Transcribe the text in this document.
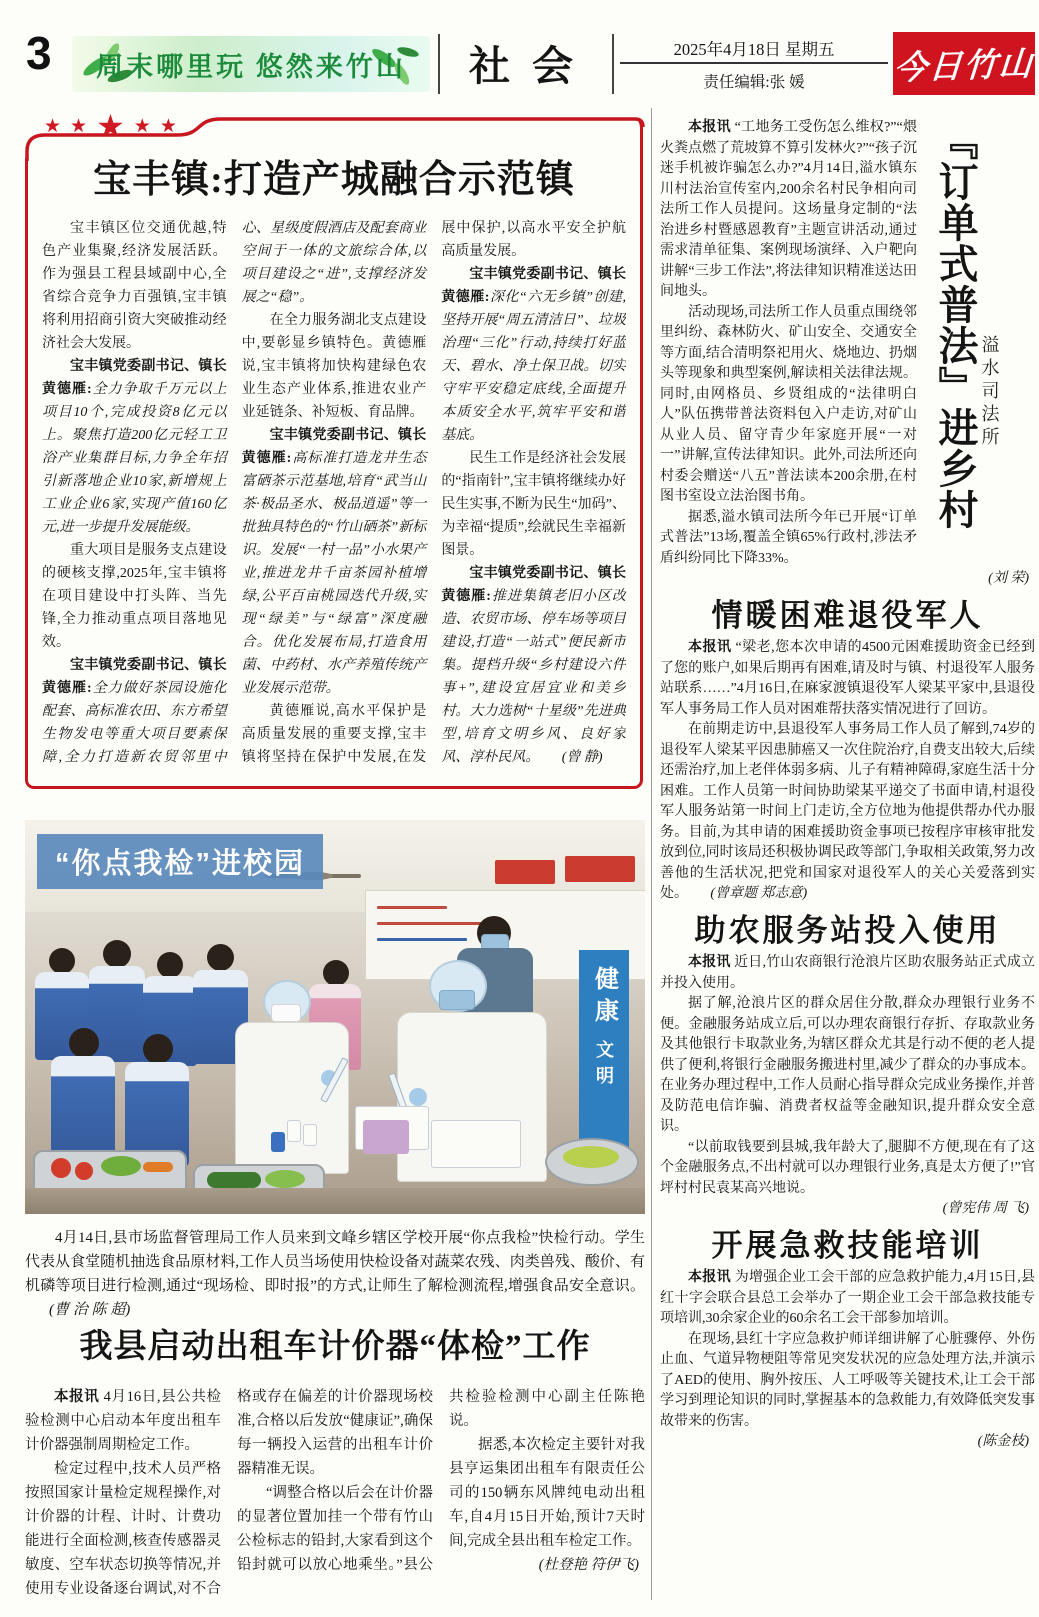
3 周末哪里玩 悠然来竹山	社会	2025年4月18日 星期五
责任编辑:张 媛	今日竹山
★ ★ ★ ★ ★
宝丰镇:打造产城融合示范镇

宝丰镇区位交通优越,特色产业集聚,经济发展活跃。作为强县工程县域副中心,全省综合竞争力百强镇,宝丰镇将利用招商引资大突破推动经济社会大发展。

宝丰镇党委副书记、镇长黄德雁:全力争取千万元以上项目10个,完成投资8亿元以上。聚焦打造200亿元轻工卫浴产业集群目标,力争全年招引新落地企业10家,新增规上工业企业6家,实现产值160亿元,进一步提升发展能级。

重大项目是服务支点建设的硬核支撑,2025年,宝丰镇将在项目建设中打头阵、当先锋,全力推动重点项目落地见效。

宝丰镇党委副书记、镇长黄德雁:全力做好茶园设施化配套、高标准农田、东方希望生物发电等重大项目要素保障,全力打造新农贸邻里中心、星级度假酒店及配套商业空间于一体的文旅综合体,以项目建设之“进”,支撑经济发展之“稳”。

在全力服务湖北支点建设中,要彰显乡镇特色。黄德雁说,宝丰镇将加快构建绿色农业生态产业体系,推进农业产业延链条、补短板、育品牌。

宝丰镇党委副书记、镇长黄德雁:高标准打造龙井生态富硒茶示范基地,培育“武当山茶·极品圣水、极品逍遥”等一批独具特色的“竹山硒茶”新标识。发展“一村一品”小水果产业,推进龙井千亩茶园补植增绿,公平百亩桃园迭代升级,实现“绿美”与“绿富”深度融合。优化发展布局,打造食用菌、中药材、水产养殖传统产业发展示范带。

黄德雁说,高水平保护是高质量发展的重要支撑,宝丰镇将坚持在保护中发展,在发展中保护,以高水平安全护航高质量发展。

宝丰镇党委副书记、镇长黄德雁:深化“六无乡镇”创建,坚持开展“周五清洁日”、垃圾治理“三化”行动,持续打好蓝天、碧水、净土保卫战。切实守牢平安稳定底线,全面提升本质安全水平,筑牢平安和谐基底。

民生工作是经济社会发展的“指南针”,宝丰镇将继续办好民生实事,不断为民生“加码”、为幸福“提质”,绘就民生幸福新图景。

宝丰镇党委副书记、镇长黄德雁:推进集镇老旧小区改造、农贸市场、停车场等项目建设,打造“一站式”便民新市集。提档升级“乡村建设六件事+”,建设宜居宜业和美乡村。大力选树“十星级”先进典型,培育文明乡风、良好家风、淳朴民风。 (曾 静)

健康
文明
“你点我检”进校园

4月14日,县市场监督管理局工作人员来到文峰乡辖区学校开展“你点我检”快检行动。学生代表从食堂随机抽选食品原材料,工作人员当场使用快检设备对蔬菜农残、肉类兽残、酸价、有机磷等项目进行检测,通过“现场检、即时报”的方式,让师生了解检测流程,增强食品安全意识。(曹 治 陈 超)

我县启动出租车计价器“体检”工作

本报讯 4月16日,县公共检验检测中心启动本年度出租车计价器强制周期检定工作。

检定过程中,技术人员严格按照国家计量检定规程操作,对计价器的计程、计时、计费功能进行全面检测,核查传感器灵敏度、空车状态切换等情况,并使用专业设备逐台调试,对不合格或存在偏差的计价器现场校准,合格以后发放“健康证”,确保每一辆投入运营的出租车计价器精准无误。

“调整合格以后会在计价器的显著位置加挂一个带有竹山公检标志的铅封,大家看到这个铅封就可以放心地乘坐。”县公共检验检测中心副主任陈艳说。

据悉,本次检定主要针对我县亨运集团出租车有限责任公司的150辆东风牌纯电动出租车,自4月15日开始,预计7天时间,完成全县出租车检定工作。

(杜登艳 符伊飞)

溢水司法所 『订单式普法』进乡村

本报讯 “工地务工受伤怎么维权?”“煨火粪点燃了荒坡算不算引发林火?”“孩子沉迷手机被诈骗怎么办?”4月14日,溢水镇东川村法治宣传室内,200余名村民争相向司法所工作人员提问。这场量身定制的“法治进乡村暨感恩教育”主题宣讲活动,通过需求清单征集、案例现场演绎、入户靶向讲解“三步工作法”,将法律知识精准送达田间地头。

活动现场,司法所工作人员重点围绕邻里纠纷、森林防火、矿山安全、交通安全等方面,结合清明祭祀用火、烧地边、扔烟头等现象和典型案例,解读相关法律法规。同时,由网格员、乡贤组成的“法律明白人”队伍携带普法资料包入户走访,对矿山从业人员、留守青少年家庭开展“一对一”讲解,宣传法律知识。此外,司法所还向村委会赠送“八五”普法读本200余册,在村图书室设立法治图书角。

据悉,溢水镇司法所今年已开展“订单式普法”13场,覆盖全镇65%行政村,涉法矛盾纠纷同比下降33%。

(刘 荣)

情暖困难退役军人

本报讯 “梁老,您本次申请的4500元困难援助资金已经到了您的账户,如果后期再有困难,请及时与镇、村退役军人服务站联系……”4月16日,在麻家渡镇退役军人梁某平家中,县退役军人事务局工作人员对困难帮扶落实情况进行了回访。

在前期走访中,县退役军人事务局工作人员了解到,74岁的退役军人梁某平因患肺癌又一次住院治疗,自费支出较大,后续还需治疗,加上老伴体弱多病、儿子有精神障碍,家庭生活十分困难。工作人员第一时间协助梁某平递交了书面申请,村退役军人服务站第一时间上门走访,全方位地为他提供帮办代办服务。目前,为其申请的困难援助资金事项已按程序审核审批发放到位,同时该局还积极协调民政等部门,争取相关政策,努力改善他的生活状况,把党和国家对退役军人的关心关爱落到实处。 (曾章题 郑志意)

助农服务站投入使用

本报讯 近日,竹山农商银行沧浪片区助农服务站正式成立并投入使用。

据了解,沧浪片区的群众居住分散,群众办理银行业务不便。金融服务站成立后,可以办理农商银行存折、存取款业务及其他银行卡取款业务,为辖区群众尤其是行动不便的老人提供了便利,将银行金融服务搬进村里,减少了群众的办事成本。在业务办理过程中,工作人员耐心指导群众完成业务操作,并普及防范电信诈骗、消费者权益等金融知识,提升群众安全意识。

“以前取钱要到县城,我年龄大了,腿脚不方便,现在有了这个金融服务点,不出村就可以办理银行业务,真是太方便了!”官坪村村民袁某高兴地说。

(曾宪伟 周 飞)

开展急救技能培训

本报讯 为增强企业工会干部的应急救护能力,4月15日,县红十字会联合县总工会举办了一期企业工会干部急救技能专项培训,30余家企业的60余名工会干部参加培训。

在现场,县红十字应急救护师详细讲解了心脏骤停、外伤止血、气道异物梗阻等常见突发状况的应急处理方法,并演示了AED的使用、胸外按压、人工呼吸等关键技术,让工会干部学习到理论知识的同时,掌握基本的急救能力,有效降低突发事故带来的伤害。

(陈金枝)
